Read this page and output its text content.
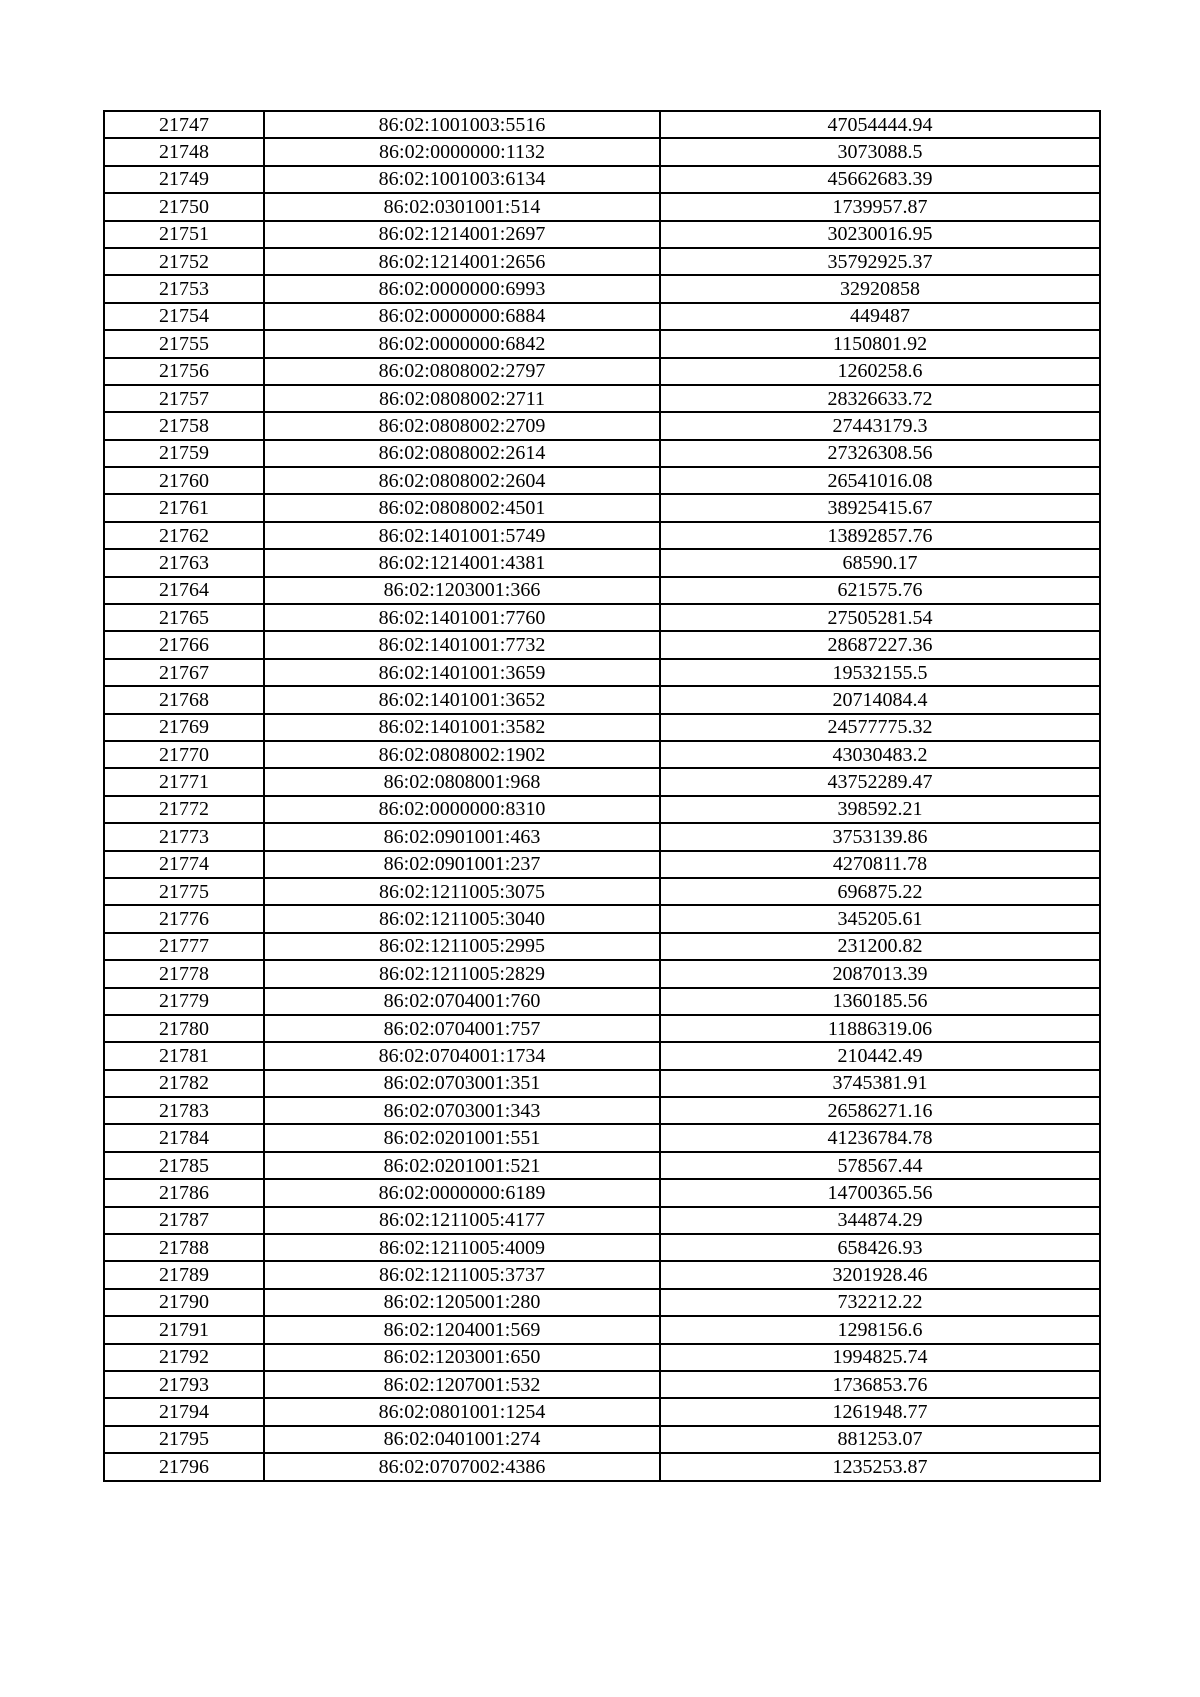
21747	86:02:1001003:5516	47054444.94
21748	86:02:0000000:1132	3073088.5
21749	86:02:1001003:6134	45662683.39
21750	86:02:0301001:514	1739957.87
21751	86:02:1214001:2697	30230016.95
21752	86:02:1214001:2656	35792925.37
21753	86:02:0000000:6993	32920858
21754	86:02:0000000:6884	449487
21755	86:02:0000000:6842	1150801.92
21756	86:02:0808002:2797	1260258.6
21757	86:02:0808002:2711	28326633.72
21758	86:02:0808002:2709	27443179.3
21759	86:02:0808002:2614	27326308.56
21760	86:02:0808002:2604	26541016.08
21761	86:02:0808002:4501	38925415.67
21762	86:02:1401001:5749	13892857.76
21763	86:02:1214001:4381	68590.17
21764	86:02:1203001:366	621575.76
21765	86:02:1401001:7760	27505281.54
21766	86:02:1401001:7732	28687227.36
21767	86:02:1401001:3659	19532155.5
21768	86:02:1401001:3652	20714084.4
21769	86:02:1401001:3582	24577775.32
21770	86:02:0808002:1902	43030483.2
21771	86:02:0808001:968	43752289.47
21772	86:02:0000000:8310	398592.21
21773	86:02:0901001:463	3753139.86
21774	86:02:0901001:237	4270811.78
21775	86:02:1211005:3075	696875.22
21776	86:02:1211005:3040	345205.61
21777	86:02:1211005:2995	231200.82
21778	86:02:1211005:2829	2087013.39
21779	86:02:0704001:760	1360185.56
21780	86:02:0704001:757	11886319.06
21781	86:02:0704001:1734	210442.49
21782	86:02:0703001:351	3745381.91
21783	86:02:0703001:343	26586271.16
21784	86:02:0201001:551	41236784.78
21785	86:02:0201001:521	578567.44
21786	86:02:0000000:6189	14700365.56
21787	86:02:1211005:4177	344874.29
21788	86:02:1211005:4009	658426.93
21789	86:02:1211005:3737	3201928.46
21790	86:02:1205001:280	732212.22
21791	86:02:1204001:569	1298156.6
21792	86:02:1203001:650	1994825.74
21793	86:02:1207001:532	1736853.76
21794	86:02:0801001:1254	1261948.77
21795	86:02:0401001:274	881253.07
21796	86:02:0707002:4386	1235253.87
